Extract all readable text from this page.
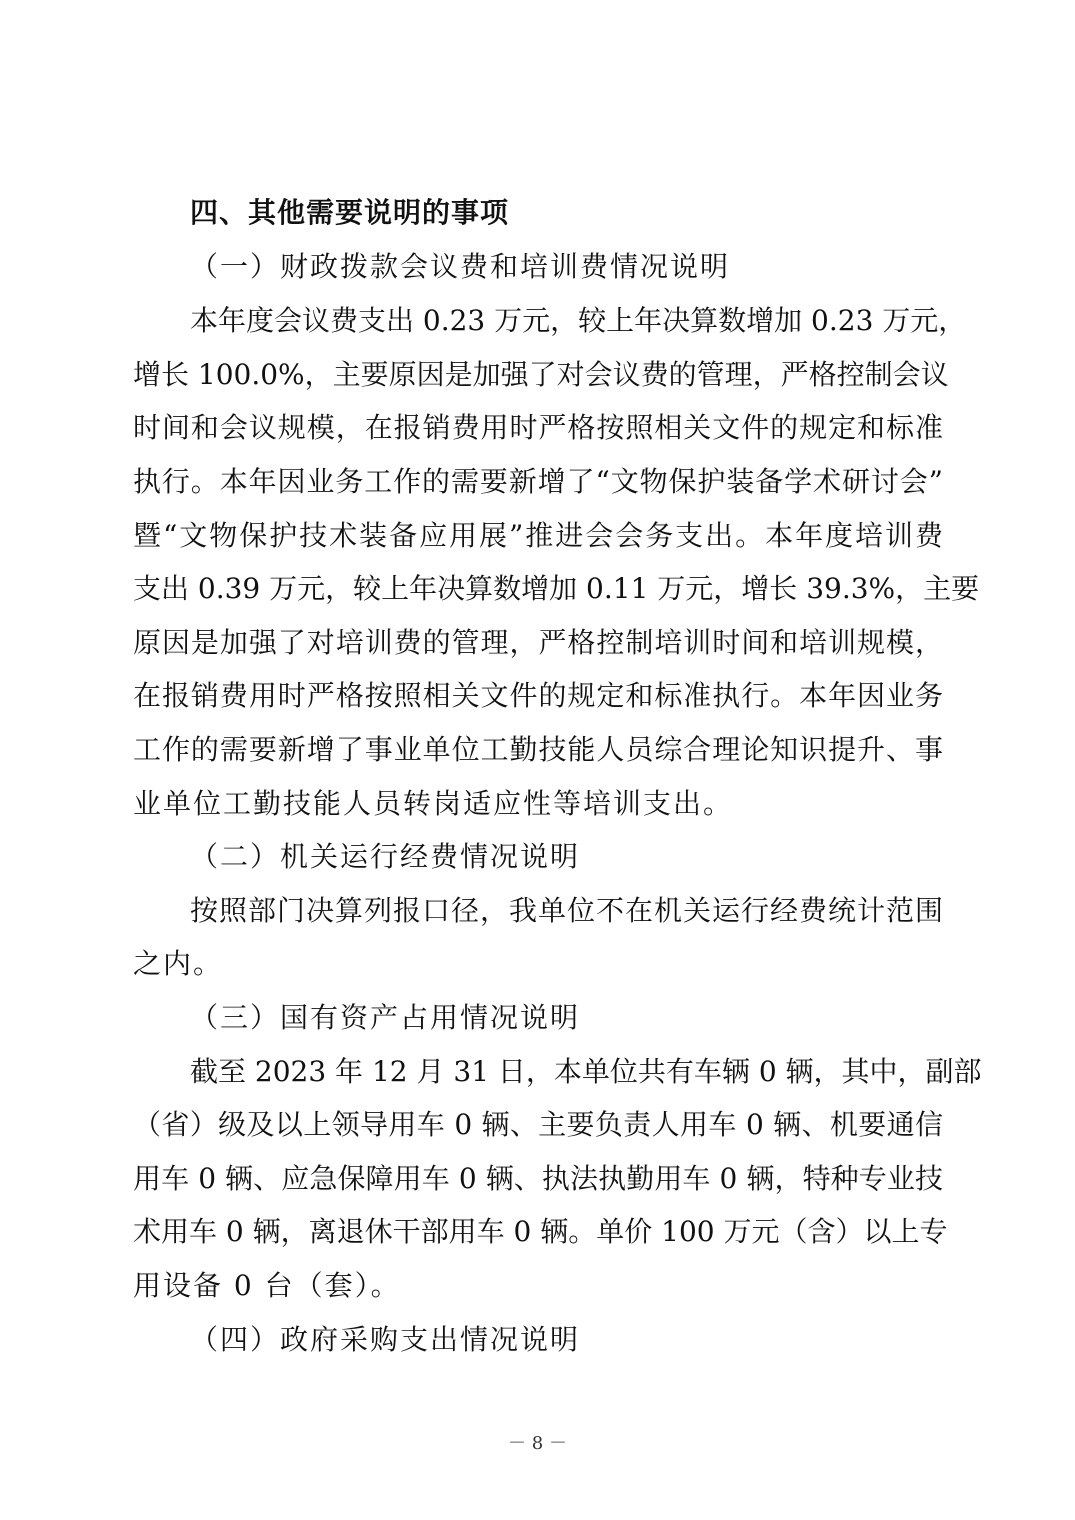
四、其他需要说明的事项
（一）财政拨款会议费和培训费情况说明
本年度会议费支出 0.23 万元，较上年决算数增加 0.23 万元，
增长 100.0%，主要原因是加强了对会议费的管理，严格控制会议
时间和会议规模，在报销费用时严格按照相关文件的规定和标准
执行。本年因业务工作的需要新增了“文物保护装备学术研讨会”
暨“文物保护技术装备应用展”推进会会务支出。本年度培训费
支出 0.39 万元，较上年决算数增加 0.11 万元，增长 39.3%，主要
原因是加强了对培训费的管理，严格控制培训时间和培训规模，
在报销费用时严格按照相关文件的规定和标准执行。本年因业务
工作的需要新增了事业单位工勤技能人员综合理论知识提升、事
业单位工勤技能人员转岗适应性等培训支出。
（二）机关运行经费情况说明
按照部门决算列报口径，我单位不在机关运行经费统计范围
之内。
（三）国有资产占用情况说明
截至 2023 年 12 月 31 日，本单位共有车辆 0 辆，其中，副部
（省）级及以上领导用车 0 辆、主要负责人用车 0 辆、机要通信
用车 0 辆、应急保障用车 0 辆、执法执勤用车 0 辆，特种专业技
术用车 0 辆，离退休干部用车 0 辆。单价 100 万元（含）以上专
用设备 0 台（套）。
（四）政府采购支出情况说明
－ 8 －
